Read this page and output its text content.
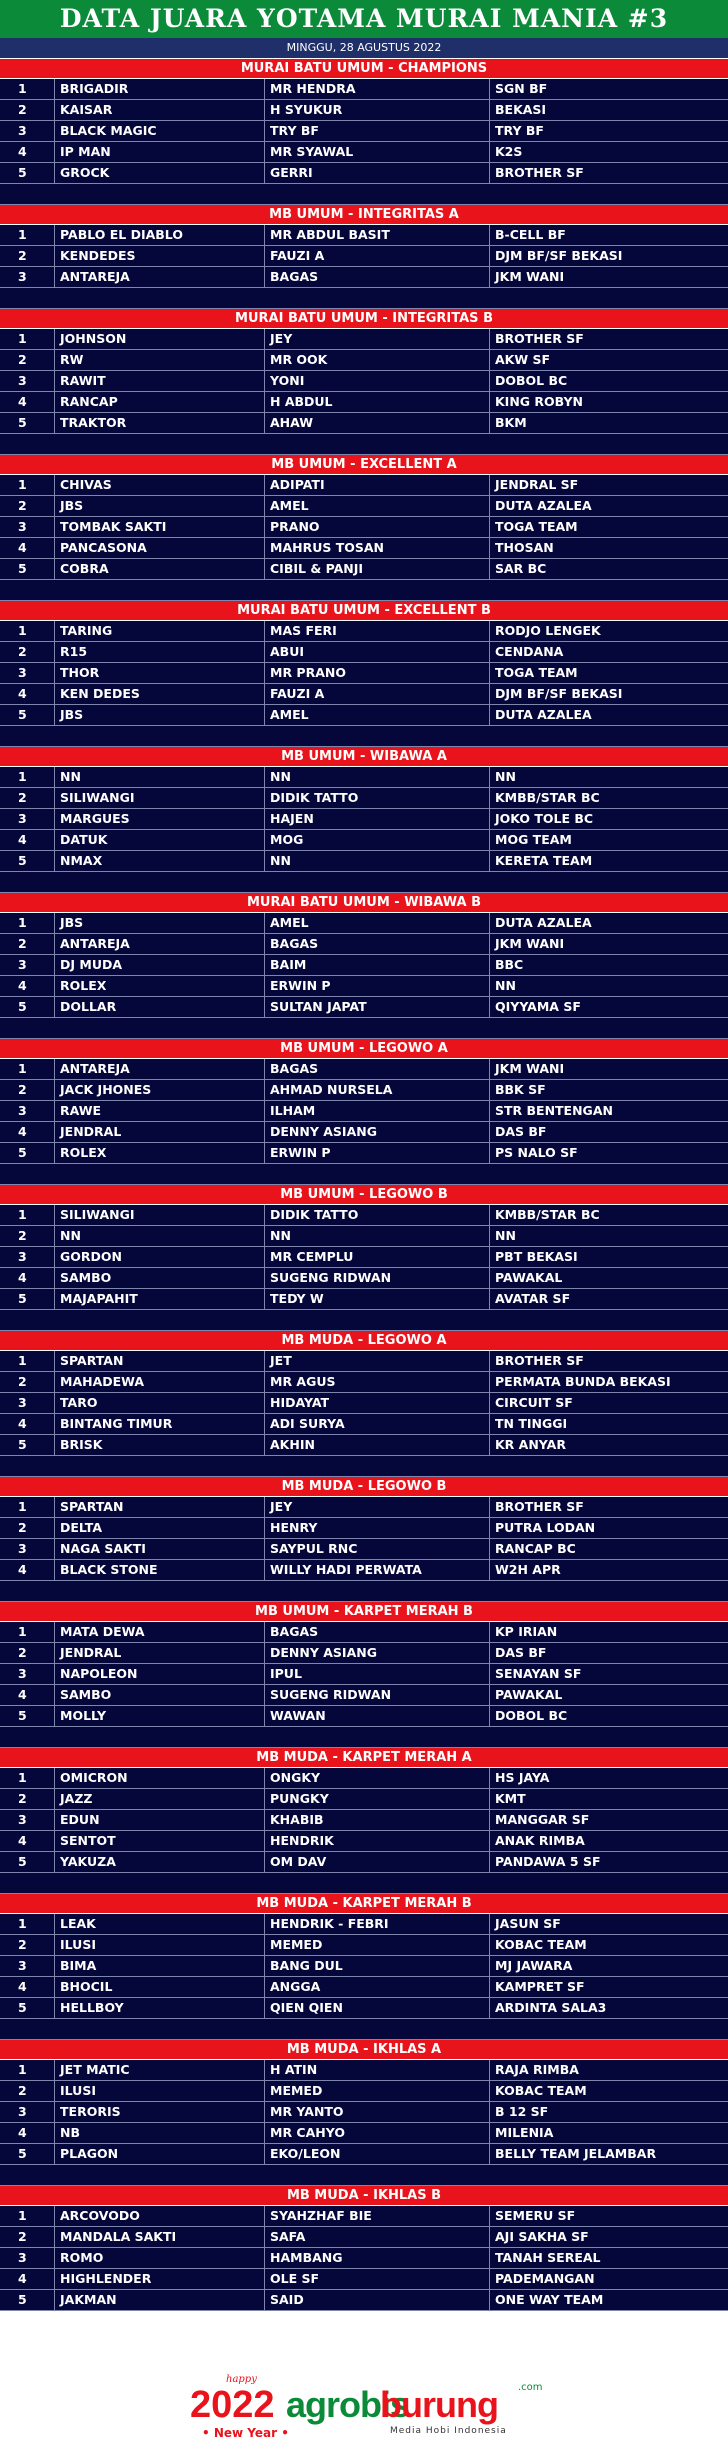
DATA JUARA YOTAMA MURAI MANIA #3
MINGGU, 28 AGUSTUS 2022
MURAI BATU UMUM - CHAMPIONS
1	BRIGADIR	MR HENDRA	SGN BF
2	KAISAR	H SYUKUR	BEKASI
3	BLACK MAGIC	TRY BF	TRY BF
4	IP MAN	MR SYAWAL	K2S
5	GROCK	GERRI	BROTHER SF
MB UMUM - INTEGRITAS A
1	PABLO EL DIABLO	MR ABDUL BASIT	B-CELL BF
2	KENDEDES	FAUZI A	DJM BF/SF BEKASI
3	ANTAREJA	BAGAS	JKM WANI
MURAI BATU UMUM - INTEGRITAS B
1	JOHNSON	JEY	BROTHER SF
2	RW	MR OOK	AKW SF
3	RAWIT	YONI	DOBOL BC
4	RANCAP	H ABDUL	KING ROBYN
5	TRAKTOR	AHAW	BKM
MB UMUM - EXCELLENT A
1	CHIVAS	ADIPATI	JENDRAL SF
2	JBS	AMEL	DUTA AZALEA
3	TOMBAK SAKTI	PRANO	TOGA TEAM
4	PANCASONA	MAHRUS TOSAN	THOSAN
5	COBRA	CIBIL & PANJI	SAR BC
MURAI BATU UMUM - EXCELLENT B
1	TARING	MAS FERI	RODJO LENGEK
2	R15	ABUI	CENDANA
3	THOR	MR PRANO	TOGA TEAM
4	KEN DEDES	FAUZI A	DJM BF/SF BEKASI
5	JBS	AMEL	DUTA AZALEA
MB UMUM - WIBAWA A
1	NN	NN	NN
2	SILIWANGI	DIDIK TATTO	KMBB/STAR BC
3	MARGUES	HAJEN	JOKO TOLE BC
4	DATUK	MOG	MOG TEAM
5	NMAX	NN	KERETA TEAM
MURAI BATU UMUM - WIBAWA B
1	JBS	AMEL	DUTA AZALEA
2	ANTAREJA	BAGAS	JKM WANI
3	DJ MUDA	BAIM	BBC
4	ROLEX	ERWIN P	NN
5	DOLLAR	SULTAN JAPAT	QIYYAMA SF
MB UMUM - LEGOWO A
1	ANTAREJA	BAGAS	JKM WANI
2	JACK JHONES	AHMAD NURSELA	BBK SF
3	RAWE	ILHAM	STR BENTENGAN
4	JENDRAL	DENNY ASIANG	DAS BF
5	ROLEX	ERWIN P	PS NALO SF
MB UMUM - LEGOWO B
1	SILIWANGI	DIDIK TATTO	KMBB/STAR BC
2	NN	NN	NN
3	GORDON	MR CEMPLU	PBT BEKASI
4	SAMBO	SUGENG RIDWAN	PAWAKAL
5	MAJAPAHIT	TEDY W	AVATAR SF
MB MUDA - LEGOWO A
1	SPARTAN	JET	BROTHER SF
2	MAHADEWA	MR AGUS	PERMATA BUNDA BEKASI
3	TARO	HIDAYAT	CIRCUIT SF
4	BINTANG TIMUR	ADI SURYA	TN TINGGI
5	BRISK	AKHIN	KR ANYAR
MB MUDA - LEGOWO B
1	SPARTAN	JEY	BROTHER SF
2	DELTA	HENRY	PUTRA LODAN
3	NAGA SAKTI	SAYPUL RNC	RANCAP BC
4	BLACK STONE	WILLY HADI PERWATA	W2H APR
MB UMUM - KARPET MERAH B
1	MATA DEWA	BAGAS	KP IRIAN
2	JENDRAL	DENNY ASIANG	DAS BF
3	NAPOLEON	IPUL	SENAYAN SF
4	SAMBO	SUGENG RIDWAN	PAWAKAL
5	MOLLY	WAWAN	DOBOL BC
MB MUDA - KARPET MERAH A
1	OMICRON	ONGKY	HS JAYA
2	JAZZ	PUNGKY	KMT
3	EDUN	KHABIB	MANGGAR SF
4	SENTOT	HENDRIK	ANAK RIMBA
5	YAKUZA	OM DAV	PANDAWA 5 SF
MB MUDA - KARPET MERAH B
1	LEAK	HENDRIK - FEBRI	JASUN SF
2	ILUSI	MEMED	KOBAC TEAM
3	BIMA	BANG DUL	MJ JAWARA
4	BHOCIL	ANGGA	KAMPRET SF
5	HELLBOY	QIEN QIEN	ARDINTA SALA3
MB MUDA - IKHLAS A
1	JET MATIC	H ATIN	RAJA RIMBA
2	ILUSI	MEMED	KOBAC TEAM
3	TERORIS	MR YANTO	B 12 SF
4	NB	MR CAHYO	MILENIA
5	PLAGON	EKO/LEON	BELLY TEAM JELAMBAR
MB MUDA - IKHLAS B
1	ARCOVODO	SYAHZHAF BIE	SEMERU SF
2	MANDALA SAKTI	SAFA	AJI SAKHA SF
3	ROMO	HAMBANG	TANAH SEREAL
4	HIGHLENDER	OLE SF	PADEMANGAN
5	JAKMAN	SAID	ONE WAY TEAM
happy
2022 agrobis
burung .com
• New Year •	Media Hobi Indonesia
